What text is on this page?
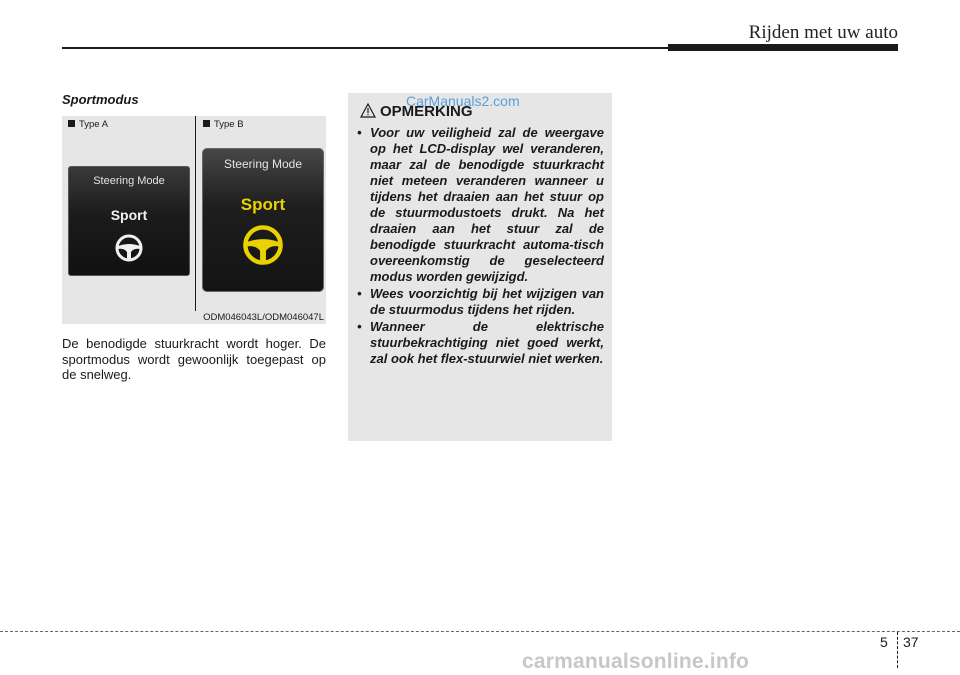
Rijden met uw auto
Sportmodus
Type A	Type B
Steering Mode
Sport
Steering Mode
Sport
ODM046043L/ODM046047L
De benodigde stuurkracht wordt hoger. De sportmodus wordt gewoonlijk toegepast op de snelweg.
CarManuals2.com
OPMERKING
• Voor uw veiligheid zal de weergave op het LCD-display wel veranderen, maar zal de benodigde stuurkracht niet meteen veranderen wanneer u tijdens het draaien aan het stuur op de stuurmodustoets drukt. Na het draaien aan het stuur zal de benodigde stuurkracht automa-tisch overeenkomstig de geselecteerd modus worden gewijzigd.
• Wees voorzichtig bij het wijzigen van de stuurmodus tijdens het rijden.
• Wanneer de elektrische stuurbekrachtiging niet goed werkt, zal ook het flex-stuurwiel niet werken.
5 37
carmanualsonline.info
